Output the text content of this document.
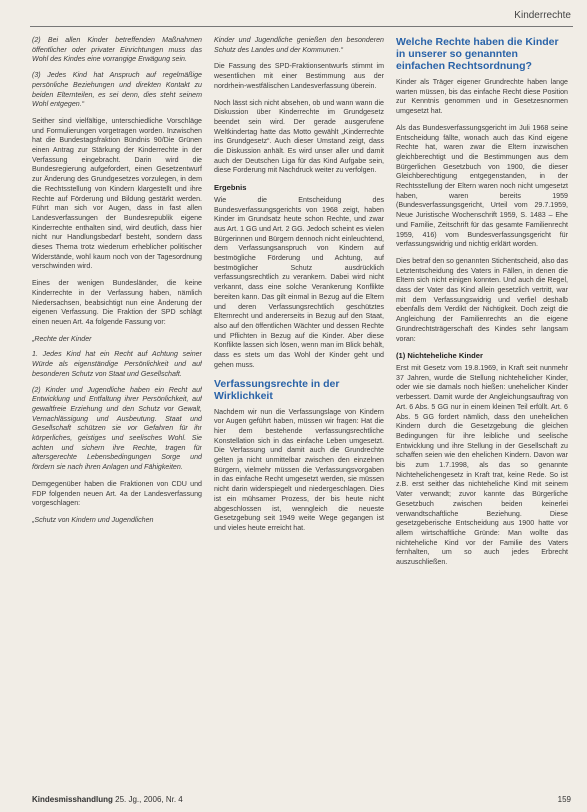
Kinderrechte

(2) Bei allen Kinder betreffenden Maßnahmen öffentlicher oder privater Einrichtungen muss das Wohl des Kindes eine vorrangige Erwägung sein.

(3) Jedes Kind hat Anspruch auf regelmäßige persönliche Beziehungen und direkten Kontakt zu beiden Elternteilen, es sei denn, dies steht seinem Wohl entgegen.“

Seither sind vielfältige, unterschiedliche Vorschläge und Formulierungen vorgetragen worden. Inzwischen hat die Bundestagsfraktion Bündnis 90/Die Grünen einen Antrag zur Stärkung der Kinderrechte in der Verfassung eingebracht. Darin wird die Bundesregierung aufgefordert, einen Gesetzentwurf zur Änderung des Grundgesetzes vorzulegen, in dem die Rechtsstellung von Kindern klargestellt und ihre Rechte auf Förderung und Bildung gestärkt werden. Führt man sich vor Augen, dass in fast allen Landesverfassungen der Bundesrepublik eigene Kinderrechte enthalten sind, wird deutlich, dass hier nicht nur Handlungsbedarf besteht, sondern dass dieses Thema trotz wiederum erheblicher politischer Widerstände, wohl kaum noch von der Tagesordnung verschwinden wird.

Eines der wenigen Bundesländer, die keine Kinderrechte in der Verfassung haben, nämlich Niedersachsen, beabsichtigt nun eine Änderung der eigenen Verfassung. Die Fraktion der SPD schlägt einen neuen Art. 4a folgende Fassung vor:

„Rechte der Kinder

1. Jedes Kind hat ein Recht auf Achtung seiner Würde als eigenständige Persönlichkeit und auf besonderen Schutz von Staat und Gesellschaft.

(2) Kinder und Jugendliche haben ein Recht auf Entwicklung und Entfaltung ihrer Persönlichkeit, auf gewaltfreie Erziehung und den Schutz vor Gewalt, Vernachlässigung und Ausbeutung. Staat und Gesellschaft schützen sie vor Gefahren für ihr körperliches, geistiges und seelisches Wohl. Sie achten und sichern ihre Rechte, tragen für altersgerechte Lebensbedingungen Sorge und fördern sie nach ihren Anlagen und Fähigkeiten.

Demgegenüber haben die Fraktionen von CDU und FDP folgenden neuen Art. 4a der Landesverfassung vorgeschlagen:

„Schutz von Kindern und Jugendlichen

Kinder und Jugendliche genießen den besonderen Schutz des Landes und der Kommunen.“

Die Fassung des SPD-Fraktionsentwurfs stimmt im wesentlichen mit einer Bestimmung aus der nordrhein-westfälischen Landesverfassung überein.

Noch lässt sich nicht absehen, ob und wann wann die Diskussion über Kinderrechte im Grundgesetz beendet sein wird. Der gerade ausgerufene Weltkindertag hatte das Motto gewählt „Kinderrechte ins Grundgesetz“. Auch dieser Umstand zeigt, dass die Diskussion anhält. Es wird unser aller und damit auch der Deutschen Liga für das Kind Aufgabe sein, diese Forderung mit Nachdruck weiter zu verfolgen.

Ergebnis

Wie die Entscheidung des Bundesverfassungsgerichts von 1968 zeigt, haben Kinder im Grundsatz heute schon Rechte, und zwar aus Art. 1 GG und Art. 2 GG. Jedoch scheint es vielen Bürgerinnen und Bürgern dennoch nicht einleuchtend, dem Verfassungsanspruch von Kindern auf bestmögliche Förderung und Achtung, auf bestmöglicher Schutz ausdrücklich verfassungsrechtlich zu verankern. Dabei wird nicht verkannt, dass eine solche Verankerung Konflikte bereiten kann. Das gilt einmal in Bezug auf die Eltern und deren Verfassungsrechtlich geschütztes Elternrecht und andererseits in Bezug auf den Staat, also auf den öffentlichen Wächter und dessen Rechte und Pflichten in Bezug auf die Kinder. Aber diese Konflikte lassen sich lösen, wenn man im Blick behält, dass es stets um das Wohl der Kinder geht und gehen muss.

Verfassungsrechte in der Wirklichkeit

Nachdem wir nun die Verfassungslage von Kindern vor Augen geführt haben, müssen wir fragen: Hat die hier dem bestehende verfassungsrechtliche Konstellation sich in das einfache Leben umgesetzt. Die Verfassung und damit auch die Grundrechte gelten ja nicht unmittelbar zwischen den einzelnen Bürgern, vielmehr müssen die Verfassungsvorgaben in das einfache Recht umgesetzt werden, sie müssen nicht darin widerspiegelt und niedergeschlagen. Dies ist ein mühsamer Prozess, der bis heute nicht abgeschlossen ist, wenngleich die neueste Gesetzgebung seit 1949 weite Wege gegangen ist und vieles heute erreicht hat.

Welche Rechte haben die Kinder in unserer so genannten einfachen Rechtsordnung?

Kinder als Träger eigener Grundrechte haben lange warten müssen, bis das einfache Recht diese Position zur Kenntnis genommen und in Gesetzesnormen umgesetzt hat.

Als das Bundesverfassungsgericht im Juli 1968 seine Entscheidung fällte, wonach auch das Kind eigene Rechte hat, waren zwar die Eltern inzwischen gleichberechtigt und die Bestimmungen aus dem Bürgerlichen Gesetzbuch von 1900, die dieser Gleichberechtigung entgegenstanden, in der Rechtsstellung der Eltern waren noch nicht umgesetzt haben, waren bereits 1959 (Bundesverfassungsgericht, Urteil vom 29.7.1959, Neue Juristische Wochenschrift 1959, S. 1483 – Ehe und Familie, Zeitschrift für das gesamte Familienrecht 1959, 416) vom Bundesverfassungsgericht für verfassungswidrig und nichtig erklärt worden.

Dies betraf den so genannten Stichentscheid, also das Letztentscheidung des Vaters in Fällen, in denen die Eltern sich nicht einigen konnten. Und auch die Regel, dass der Vater das Kind allein gesetzlich vertritt, war mit dem Verfassungswidrig und verfiel deshalb ebenfalls dem Verdikt der Nichtigkeit. Doch zeigt die Angleichung der Familienrechts an die eigene Grundrechtsträgerschaft des Kindes sehr langsam voran:

(1) Nichteheliche Kinder

Erst mit Gesetz vom 19.8.1969, in Kraft seit nunmehr 37 Jahren, wurde die Stellung nichtehelicher Kinder, oder wie sie damals noch hießen: unehelicher Kinder verbessert. Damit wurde der Angleichungsauftrag von Art. 6 Abs. 5 GG nur in einem kleinen Teil erfüllt. Art. 6 Abs. 5 GG fordert nämlich, dass den unehelichen Kindern durch die Gesetzgebung die gleichen Bedingungen für ihre leibliche und seelische Entwicklung und ihre Stellung in der Gesellschaft zu schaffen seien wie den ehelichen Kindern. Davon war bis zum 1.7.1998, als das so genannte Nichtehelichengesetz in Kraft trat, keine Rede. So ist z.B. erst seither das nichteheliche Kind mit seinem Vater verwandt; zuvor kannte das Bürgerliche Gesetzbuch zwischen beiden keinerlei verwandtschaftliche Beziehung. Diese gesetzgeberische Entscheidung aus 1900 hatte vor allem wirtschaftliche Gründe: Man wollte das nichteheliche Kind vor der Familie des Vaters fernhalten, um so auch jedes Erbrecht auszuschließen.

Kindesmisshandlung 25. Jg., 2006, Nr. 4	159
